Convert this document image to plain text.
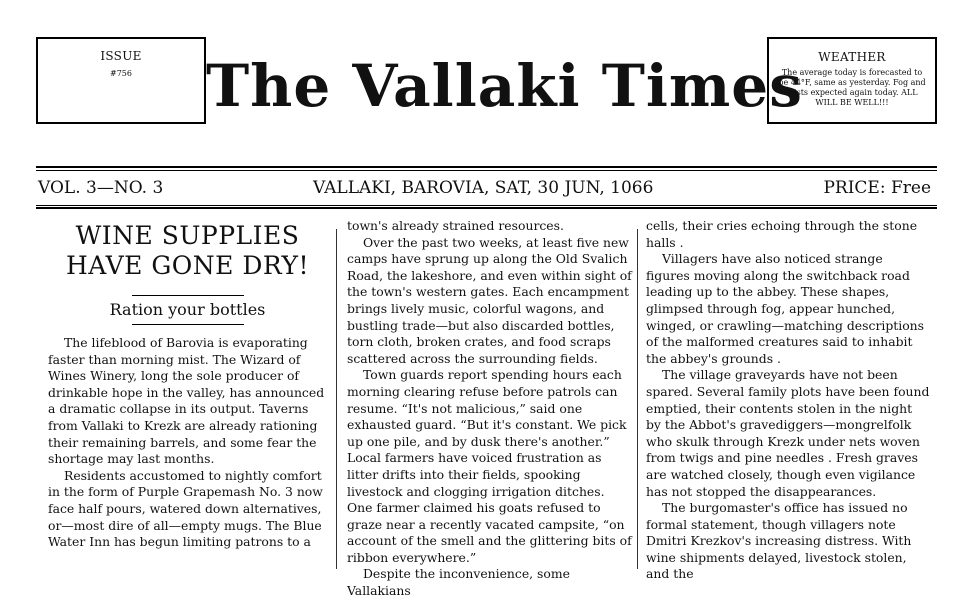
ISSUE
#756	The Vallaki Times	WEATHER
The average today is forecasted to be 44°F, same as yesterday. Fog and mists expected again today. ALL WILL BE WELL!!!
VOL. 3—NO. 3	VALLAKI, BAROVIA, SAT, 30 JUN, 1066	PRICE: Free
WINE SUPPLIES HAVE GONE DRY!
Ration your bottles

The lifeblood of Barovia is evaporating faster than morning mist. The Wizard of Wines Winery, long the sole producer of drinkable hope in the valley, has announced a dramatic collapse in its output. Taverns from Vallaki to Krezk are already rationing their remaining barrels, and some fear the shortage may last months.

Residents accustomed to nightly comfort in the form of Purple Grapemash No. 3 now face half pours, watered down alternatives, or—most dire of all—empty mugs. The Blue Water Inn has begun limiting patrons to a

town's already strained resources.

Over the past two weeks, at least five new camps have sprung up along the Old Svalich Road, the lakeshore, and even within sight of the town's western gates. Each encampment brings lively music, colorful wagons, and bustling trade—but also discarded bottles, torn cloth, broken crates, and food scraps scattered across the surrounding fields.

Town guards report spending hours each morning clearing refuse before patrols can resume. “It's not malicious,” said one exhausted guard. “But it's constant. We pick up one pile, and by dusk there's another.” Local farmers have voiced frustration as litter drifts into their fields, spooking livestock and clogging irrigation ditches. One farmer claimed his goats refused to graze near a recently vacated campsite, “on account of the smell and the glittering bits of ribbon everywhere.”

Despite the inconvenience, some Vallakians

cells, their cries echoing through the stone halls .

Villagers have also noticed strange figures moving along the switchback road leading up to the abbey. These shapes, glimpsed through fog, appear hunched, winged, or crawling—matching descriptions of the malformed creatures said to inhabit the abbey's grounds .

The village graveyards have not been spared. Several family plots have been found emptied, their contents stolen in the night by the Abbot's gravediggers—mongrelfolk who skulk through Krezk under nets woven from twigs and pine needles . Fresh graves are watched closely, though even vigilance has not stopped the disappearances.

The burgomaster's office has issued no formal statement, though villagers note Dmitri Krezkov's increasing distress. With wine shipments delayed, livestock stolen, and the
